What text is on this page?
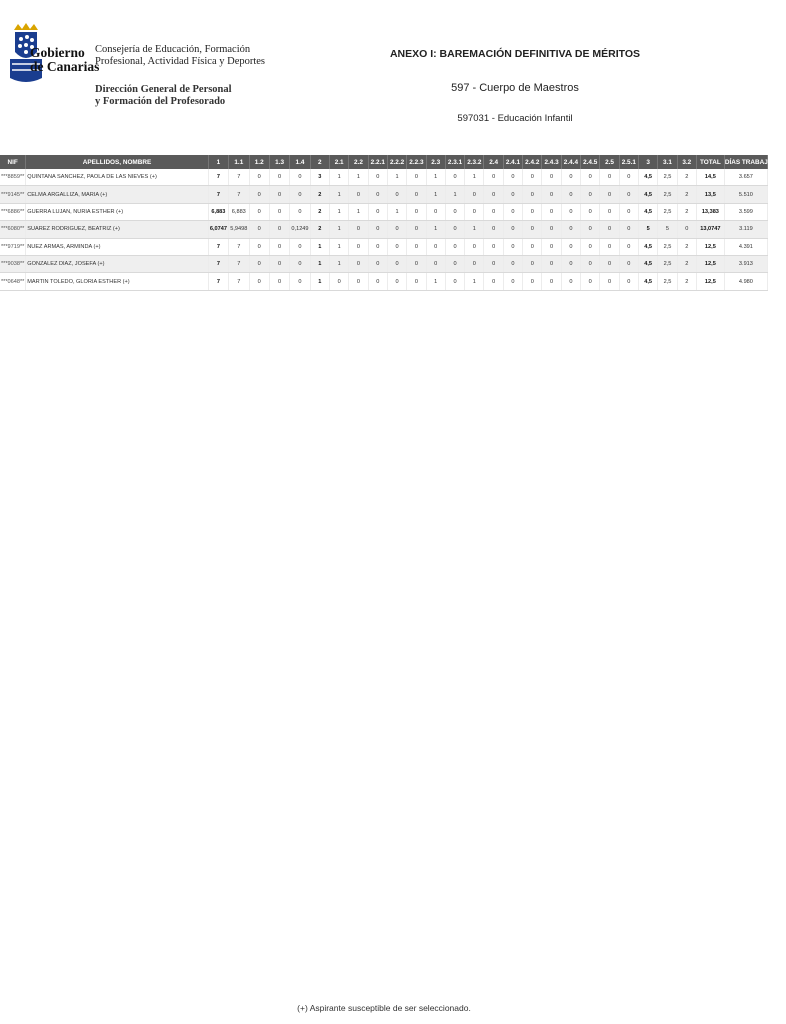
Gobierno
de Canarias
Consejería de Educación, Formación
Profesional, Actividad Física y Deportes
Dirección General de Personal
y Formación del Profesorado
ANEXO I: BAREMACIÓN DEFINITIVA DE MÉRITOS
597 - Cuerpo de Maestros
597031 - Educación Infantil
NIF	APELLIDOS, NOMBRE	1	1.1	1.2	1.3	1.4	2	2.1	2.2	2.2.1	2.2.2	2.2.3	2.3	2.3.1	2.3.2	2.4	2.4.1	2.4.2	2.4.3	2.4.4	2.4.5	2.5	2.5.1	3	3.1	3.2	TOTAL	DÍAS TRABAJADOS
***8859**	QUINTANA SANCHEZ, PAOLA DE LAS NIEVES (+)	7	7	0	0	0	3	1	1	0	1	0	1	0	1	0	0	0	0	0	0	0	0	4,5	2,5	2	14,5	3.657
***9145**	CELMA ARGALLIZA, MARIA (+)	7	7	0	0	0	2	1	0	0	0	0	1	1	0	0	0	0	0	0	0	0	0	4,5	2,5	2	13,5	5.510
***6886**	GUERRA LUJAN, NURIA ESTHER (+)	6,883	6,883	0	0	0	2	1	1	0	1	0	0	0	0	0	0	0	0	0	0	0	0	4,5	2,5	2	13,383	3.599
***6080**	SUAREZ RODRIGUEZ, BEATRIZ (+)	6,0747	5,9498	0	0	0,1249	2	1	0	0	0	0	1	0	1	0	0	0	0	0	0	0	0	5	5	0	13,0747	3.119
***9719**	NUEZ ARMAS, ARMINDA (+)	7	7	0	0	0	1	1	0	0	0	0	0	0	0	0	0	0	0	0	0	0	0	4,5	2,5	2	12,5	4.391
***9038**	GONZALEZ DIAZ, JOSEFA (+)	7	7	0	0	0	1	1	0	0	0	0	0	0	0	0	0	0	0	0	0	0	0	4,5	2,5	2	12,5	3.913
***0648**	MARTIN TOLEDO, GLORIA ESTHER (+)	7	7	0	0	0	1	0	0	0	0	0	1	0	1	0	0	0	0	0	0	0	0	4,5	2,5	2	12,5	4.980
(+) Aspirante susceptible de ser seleccionado.
